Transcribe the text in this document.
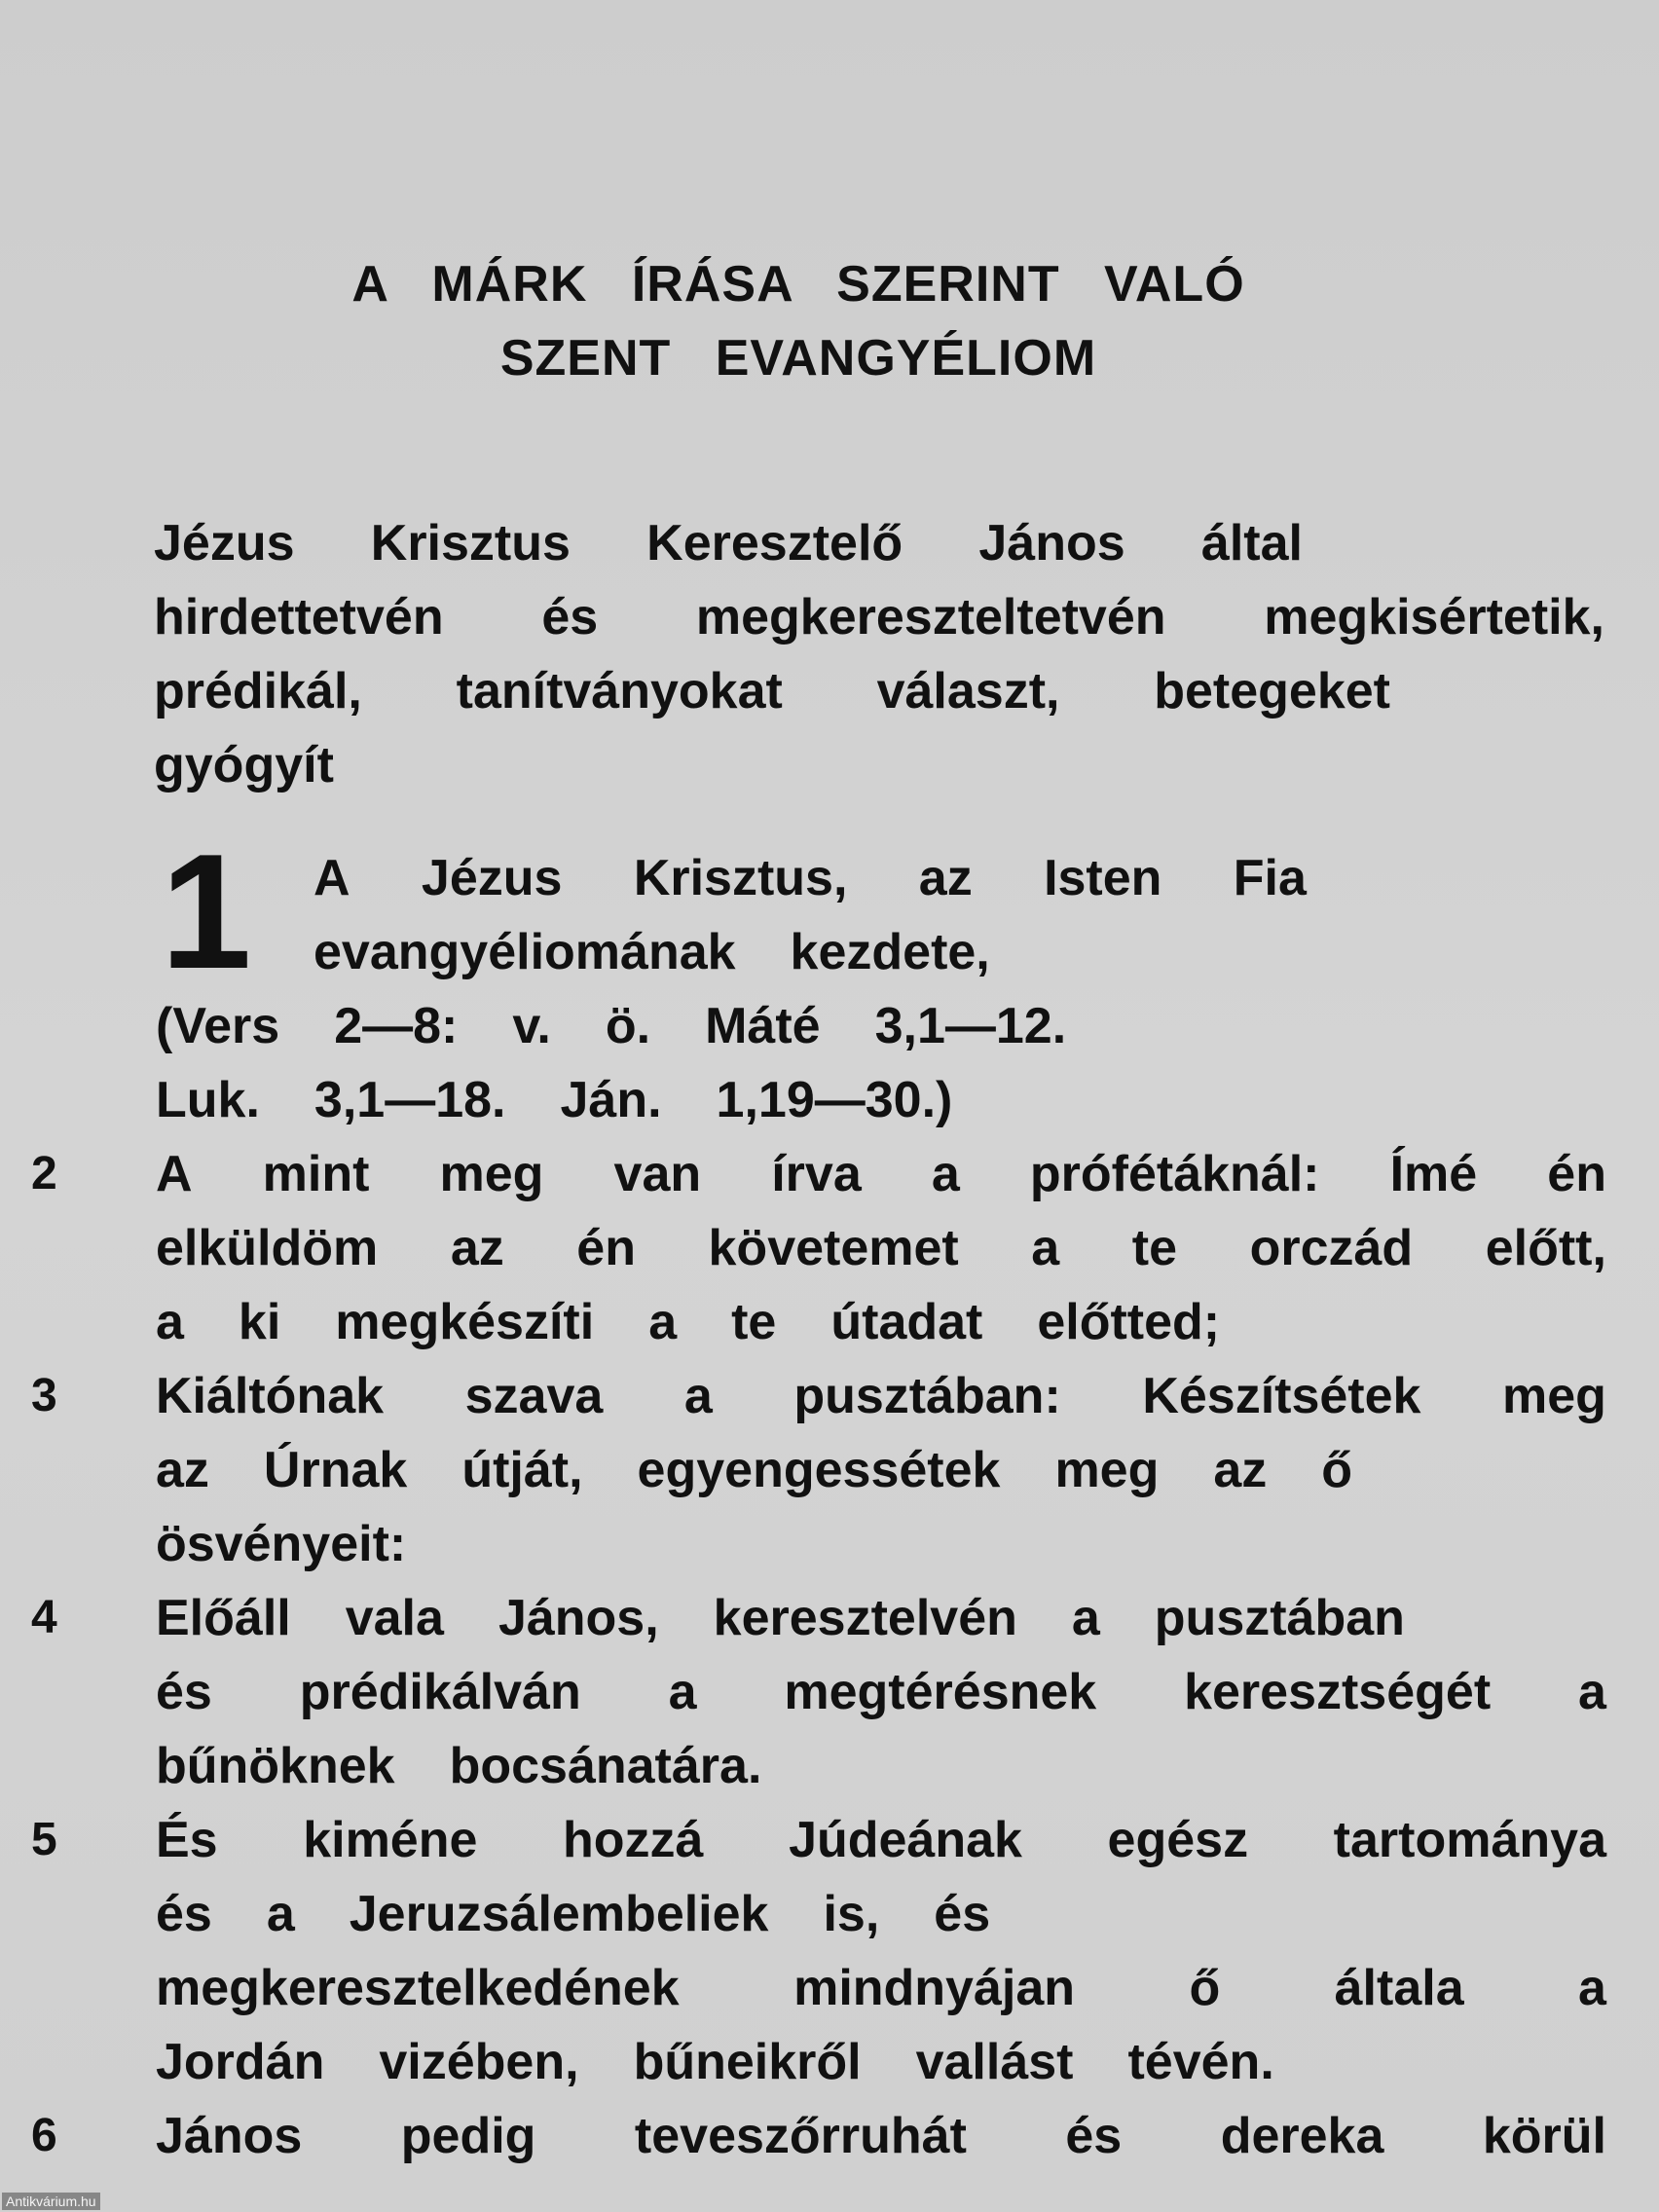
A MÁRK ÍRÁSA SZERINT VALÓ
SZENT EVANGYÉLIOM
Jézus Krisztus Keresztelő János által
hirdettetvén és megkereszteltetvén megkisértetik,
prédikál, tanítványokat választ, betegeket
gyógyít
1 A Jézus Krisztus, az Isten Fia
evangyéliomának kezdete,
(Vers 2—8: v. ö. Máté 3,1—12.
Luk. 3,1—18. Ján. 1,19—30.)
2	A mint meg van írva a prófétáknál: Ímé én
elküldöm az én követemet a te orczád előtt,
a ki megkészíti a te útadat előtted;
3	Kiáltónak szava a pusztában: Készítsétek meg
az Úrnak útját, egyengessétek meg az ő
ösvényeit:
4	Előáll vala János, keresztelvén a pusztában
és prédikálván a megtérésnek keresztségét a
bűnöknek bocsánatára.
5	És kiméne hozzá Júdeának egész tartománya
és a Jeruzsálembeliek is, és
megkeresztelkedének mindnyájan ő általa a
Jordán vizében, bűneikről vallást tévén.
6	János pedig teveszőrruhát és dereka körül
Antikvárium.hu
